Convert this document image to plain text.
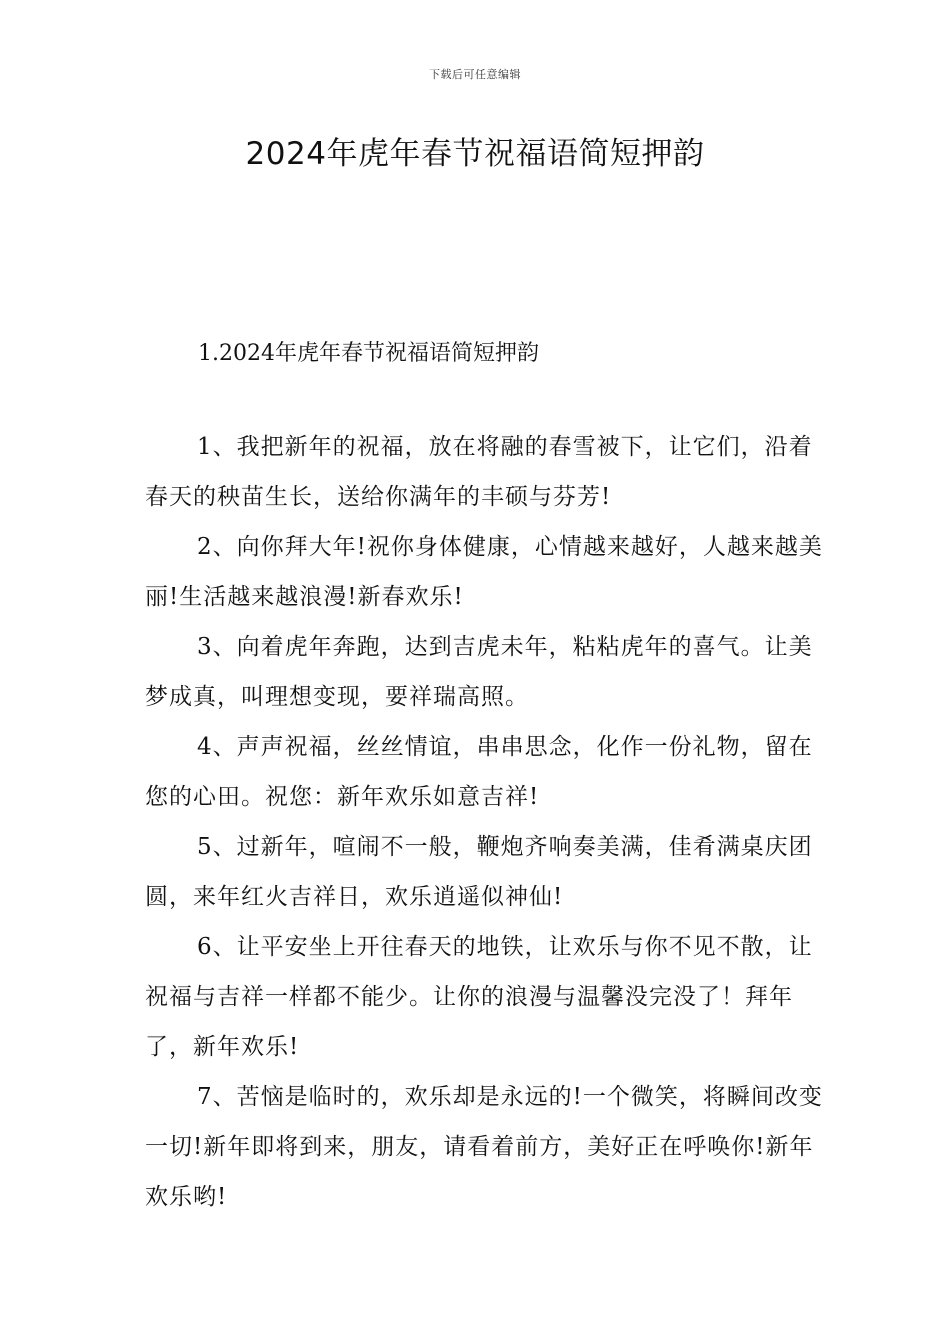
下载后可任意编辑
2024年虎年春节祝福语简短押韵
1.2024年虎年春节祝福语简短押韵

1、我把新年的祝福，放在将融的春雪被下，让它们，沿着春天的秧苗生长，送给你满年的丰硕与芬芳!

2、向你拜大年!祝你身体健康，心情越来越好，人越来越美丽!生活越来越浪漫!新春欢乐!

3、向着虎年奔跑，达到吉虎未年，粘粘虎年的喜气。让美梦成真，叫理想变现，要祥瑞高照。

4、声声祝福，丝丝情谊，串串思念，化作一份礼物，留在您的心田。祝您：新年欢乐如意吉祥!

5、过新年，喧闹不一般，鞭炮齐响奏美满，佳肴满桌庆团圆，来年红火吉祥日，欢乐逍遥似神仙!

6、让平安坐上开往春天的地铁，让欢乐与你不见不散，让祝福与吉祥一样都不能少。让你的浪漫与温馨没完没了！拜年了，新年欢乐!

7、苦恼是临时的，欢乐却是永远的!一个微笑，将瞬间改变一切!新年即将到来，朋友，请看着前方，美好正在呼唤你!新年欢乐哟!
